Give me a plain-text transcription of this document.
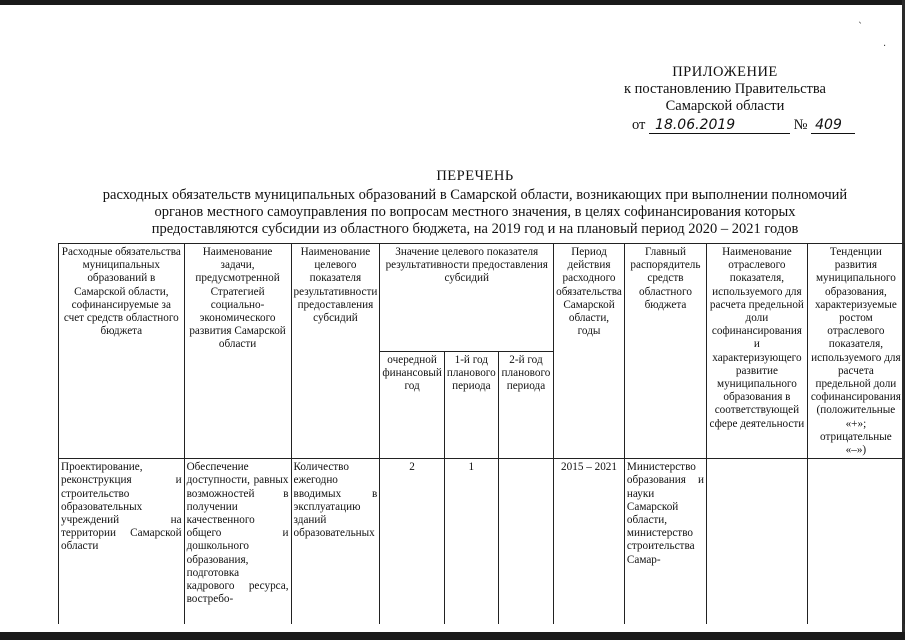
ˎ
·
ПРИЛОЖЕНИЕ
к постановлению Правительства
Самарской области
от 18.06.2019	№ 409
ПЕРЕЧЕНЬ
расходных обязательств муниципальных образований в Самарской области, возникающих при выполнении полномочий органов местного самоуправления по вопросам местного значения, в целях софинансирования которых предоставляются субсидии из областного бюджета, на 2019 год и на плановый период 2020 – 2021 годов
Расходные обязательства муниципальных образований в Самарской области, софинансируемые за счет средств областного бюджета	Наименование задачи, предусмотренной Стратегией социально-экономического развития Самарской области	Наименование целевого показателя результативности предоставления субсидий	Значение целевого показателя результативности предоставления субсидий			Период действия расходного обязательства Самарской области, годы	Главный распорядитель средств областного бюджета	Наименование отраслевого показателя, используемого для расчета предельной доли софинансирования и характеризующего развитие муниципального образования в соответствующей сфере деятельности	Тенденции развития муниципального образования, характеризуемые ростом отраслевого показателя, используемого для расчета предельной доли софинансирования (положительные «+»; отрицательные «–»)
			очередной финансовый год	1-й год планового периода	2-й год планового периода				
Проектирование, реконструкция и строительство образовательных учреждений на территории Самарской области	Обеспечение доступности, равных возможностей в получении качественного общего и дошкольного образования, подготовка кадрового ресурса, востребо-	Количество ежегодно вводимых в эксплуатацию зданий образовательных	2	1		2015 – 2021	Министерство образования и науки Самарской области, министерство строительства Самар-		
